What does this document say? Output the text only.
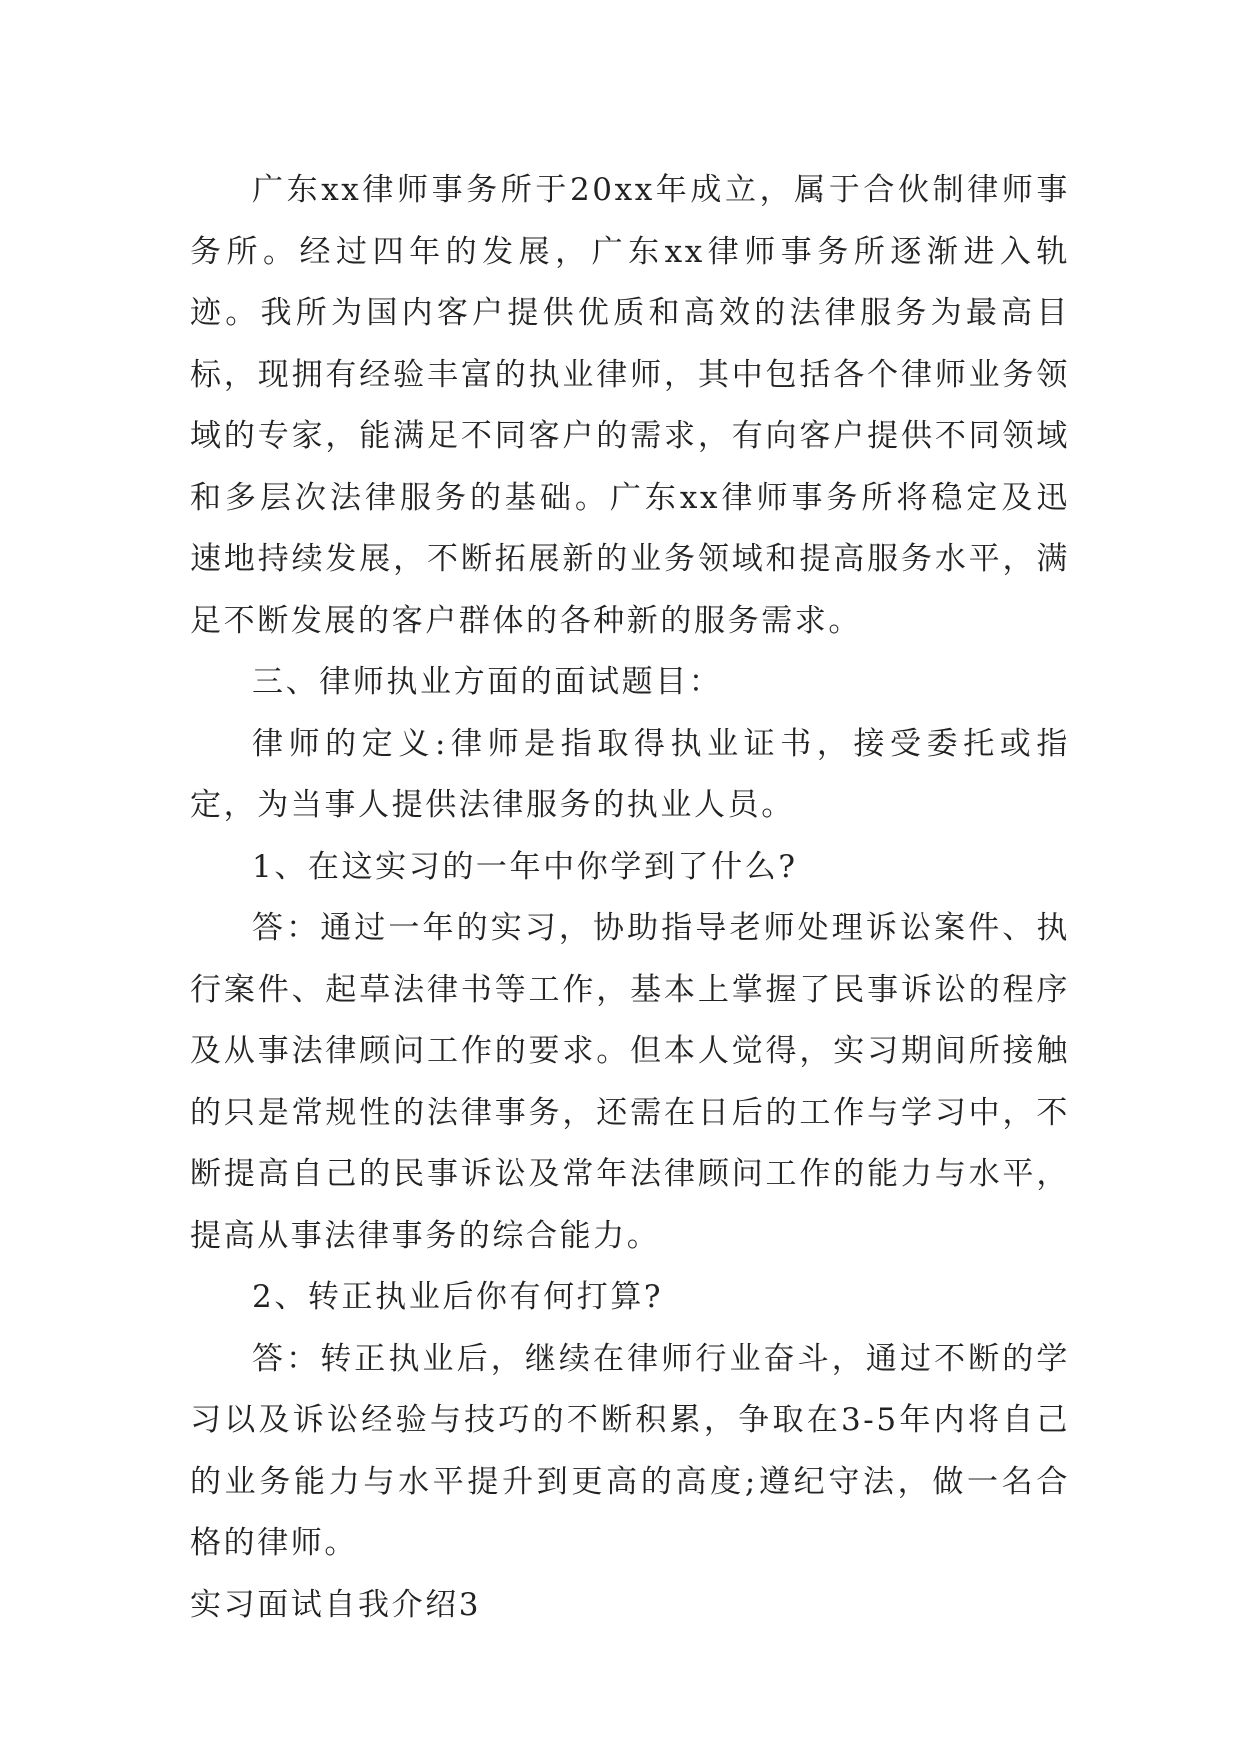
广东xx律师事务所于20xx年成立，属于合伙制律师事务所。经过四年的发展，广东xx律师事务所逐渐进入轨迹。我所为国内客户提供优质和高效的法律服务为最高目标，现拥有经验丰富的执业律师，其中包括各个律师业务领域的专家，能满足不同客户的需求，有向客户提供不同领域和多层次法律服务的基础。广东xx律师事务所将稳定及迅速地持续发展，不断拓展新的业务领域和提高服务水平，满足不断发展的客户群体的各种新的服务需求。

三、律师执业方面的面试题目：

律师的定义:律师是指取得执业证书，接受委托或指定，为当事人提供法律服务的执业人员。

1、在这实习的一年中你学到了什么?

答：通过一年的实习，协助指导老师处理诉讼案件、执行案件、起草法律书等工作，基本上掌握了民事诉讼的程序及从事法律顾问工作的要求。但本人觉得，实习期间所接触的只是常规性的法律事务，还需在日后的工作与学习中，不断提高自己的民事诉讼及常年法律顾问工作的能力与水平，提高从事法律事务的综合能力。

2、转正执业后你有何打算?

答：转正执业后，继续在律师行业奋斗，通过不断的学习以及诉讼经验与技巧的不断积累，争取在3-5年内将自己的业务能力与水平提升到更高的高度;遵纪守法，做一名合格的律师。

实习面试自我介绍3
